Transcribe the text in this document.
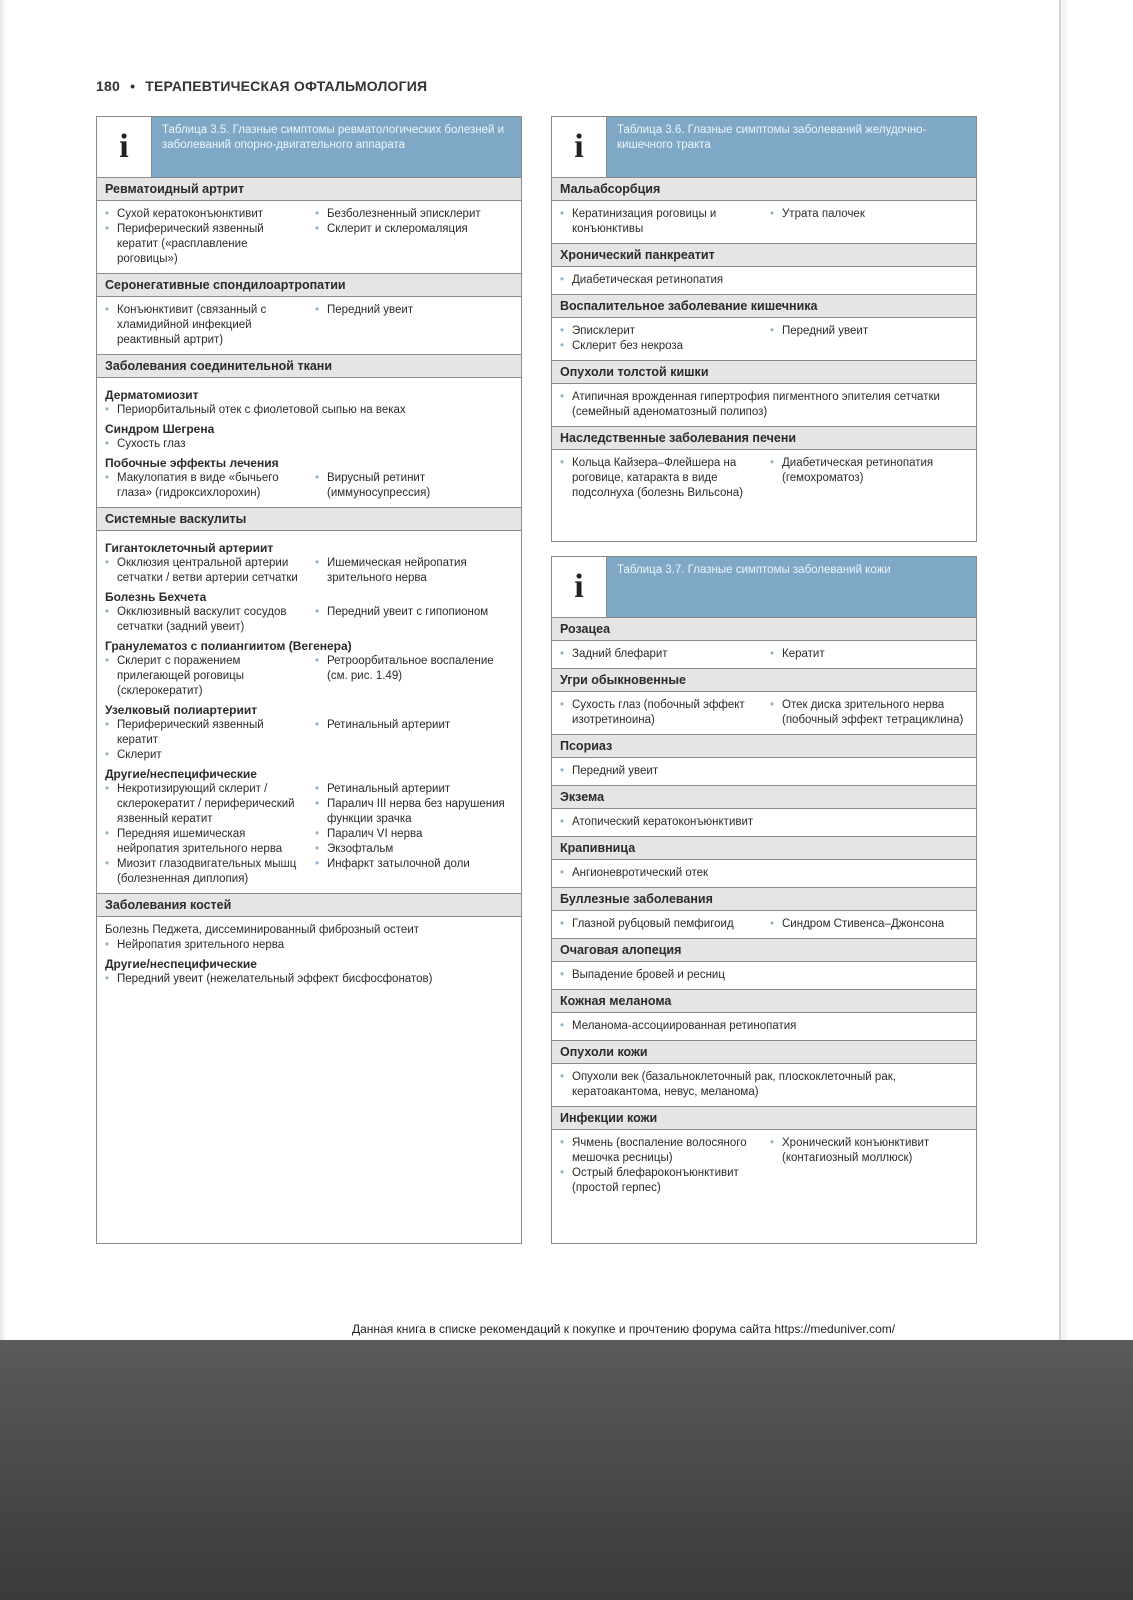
180 • ТЕРАПЕВТИЧЕСКАЯ ОФТАЛЬМОЛОГИЯ
i	Таблица 3.5. Глазные симптомы ревматологических болезней и заболеваний опорно-двигательного аппарата
Ревматоидный артрит
• Сухой кератоконъюнктивит
• Периферический язвенный кератит («расплавление роговицы»)
• Безболезненный эписклерит
• Склерит и склеромаляция
Серонегативные спондилоартропатии
• Конъюнктивит (связанный с хламидийной инфекцией реактивный артрит)
• Передний увеит
Заболевания соединительной ткани
Дерматомиозит
• Периорбитальный отек с фиолетовой сыпью на веках
Синдром Шегрена
• Сухость глаз
Побочные эффекты лечения
• Макулопатия в виде «бычьего глаза» (гидроксихлорохин)
• Вирусный ретинит (иммуносупрессия)
Системные васкулиты
Гигантоклеточный артериит
• Окклюзия центральной артерии сетчатки / ветви артерии сетчатки
• Ишемическая нейропатия зрительного нерва
Болезнь Бехчета
• Окклюзивный васкулит сосудов сетчатки (задний увеит)
• Передний увеит с гипопионом
Гранулематоз с полиангиитом (Вегенера)
• Склерит с поражением прилегающей роговицы (склерокератит)
• Ретроорбитальное воспаление (см. рис. 1.49)
Узелковый полиартериит
• Периферический язвенный кератит
• Склерит
• Ретинальный артериит
Другие/неспецифические
• Некротизирующий склерит / склерокератит / периферический язвенный кератит
• Передняя ишемическая нейропатия зрительного нерва
• Миозит глазодвигательных мышц (болезненная диплопия)
• Ретинальный артериит
• Паралич III нерва без нарушения функции зрачка
• Паралич VI нерва
• Экзофтальм
• Инфаркт затылочной доли
Заболевания костей
Болезнь Педжета, диссеминированный фиброзный остеит
• Нейропатия зрительного нерва
Другие/неспецифические
• Передний увеит (нежелательный эффект бисфосфонатов)
i	Таблица 3.6. Глазные симптомы заболеваний желудочно-кишечного тракта
Мальабсорбция
• Кератинизация роговицы и конъюнктивы
• Утрата палочек
Хронический панкреатит
• Диабетическая ретинопатия
Воспалительное заболевание кишечника
• Эписклерит
• Склерит без некроза
• Передний увеит
Опухоли толстой кишки
• Атипичная врожденная гипертрофия пигментного эпителия сетчатки (семейный аденоматозный полипоз)
Наследственные заболевания печени
• Кольца Кайзера–Флейшера на роговице, катаракта в виде подсолнуха (болезнь Вильсона)
• Диабетическая ретинопатия (гемохроматоз)
i	Таблица 3.7. Глазные симптомы заболеваний кожи
Розацеа
• Задний блефарит	• Кератит
Угри обыкновенные
• Сухость глаз (побочный эффект изотретиноина)
• Отек диска зрительного нерва (побочный эффект тетрациклина)
Псориаз
• Передний увеит
Экзема
• Атопический кератоконъюнктивит
Крапивница
• Ангионевротический отек
Буллезные заболевания
• Глазной рубцовый пемфигоид	• Синдром Стивенса–Джонсона
Очаговая алопеция
• Выпадение бровей и ресниц
Кожная меланома
• Меланома-ассоциированная ретинопатия
Опухоли кожи
• Опухоли век (базальноклеточный рак, плоскоклеточный рак, кератоакантома, невус, меланома)
Инфекции кожи
• Ячмень (воспаление волосяного мешочка ресницы)
• Острый блефароконъюнктивит (простой герпес)
• Хронический конъюнктивит (контагиозный моллюск)
Данная книга в списке рекомендаций к покупке и прочтению форума сайта https://meduniver.com/
